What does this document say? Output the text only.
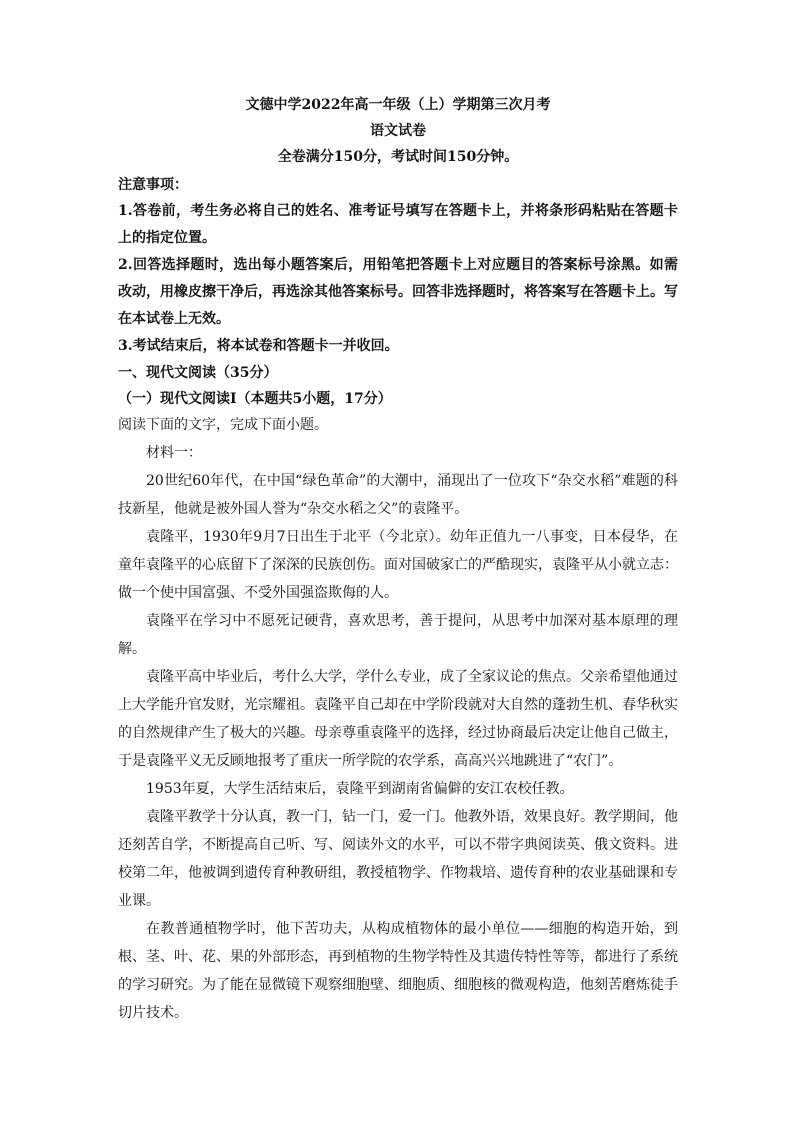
文德中学2022年高一年级（上）学期第三次月考
语文试卷
全卷满分150分，考试时间150分钟。
注意事项：

1.答卷前，考生务必将自己的姓名、准考证号填写在答题卡上，并将条形码粘贴在答题卡上的指定位置。

2.回答选择题时，选出每小题答案后，用铅笔把答题卡上对应题目的答案标号涂黑。如需改动，用橡皮擦干净后，再选涂其他答案标号。回答非选择题时，将答案写在答题卡上。写在本试卷上无效。

3.考试结束后，将本试卷和答题卡一并收回。

一、现代文阅读（35分）
（一）现代文阅读Ⅰ（本题共5小题，17分）
阅读下面的文字，完成下面小题。
材料一：

20世纪60年代，在中国“绿色革命”的大潮中，涌现出了一位攻下“杂交水稻”难题的科技新星，他就是被外国人誉为“杂交水稻之父”的袁隆平。

袁隆平，1930年9月7日出生于北平（今北京）。幼年正值九一八事变，日本侵华，在童年袁隆平的心底留下了深深的民族创伤。面对国破家亡的严酷现实，袁隆平从小就立志：做一个使中国富强、不受外国强盗欺侮的人。

袁隆平在学习中不愿死记硬背，喜欢思考，善于提问，从思考中加深对基本原理的理解。

袁隆平高中毕业后，考什么大学，学什么专业，成了全家议论的焦点。父亲希望他通过上大学能升官发财，光宗耀祖。袁隆平自己却在中学阶段就对大自然的蓬勃生机、春华秋实的自然规律产生了极大的兴趣。母亲尊重袁隆平的选择，经过协商最后决定让他自己做主，于是袁隆平义无反顾地报考了重庆一所学院的农学系，高高兴兴地跳进了“农门”。

1953年夏，大学生活结束后，袁隆平到湖南省偏僻的安江农校任教。

袁隆平教学十分认真，教一门，钻一门，爱一门。他教外语，效果良好。教学期间，他还刻苦自学，不断提高自己听、写、阅读外文的水平，可以不带字典阅读英、俄文资料。进校第二年，他被调到遗传育种教研组，教授植物学、作物栽培、遗传育种的农业基础课和专业课。

在教普通植物学时，他下苦功夫，从构成植物体的最小单位——细胞的构造开始，到根、茎、叶、花、果的外部形态，再到植物的生物学特性及其遗传特性等等，都进行了系统的学习研究。为了能在显微镜下观察细胞壁、细胞质、细胞核的微观构造，他刻苦磨炼徒手切片技术。
